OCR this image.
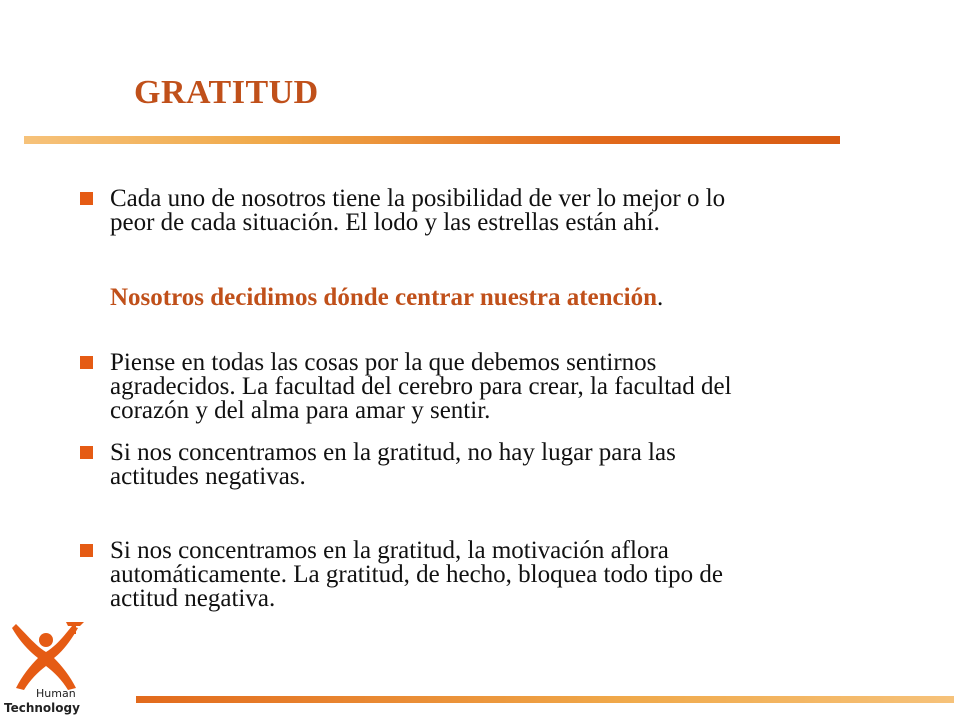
GRATITUD
Cada uno de nosotros tiene la posibilidad de ver lo mejor o lo
peor de cada situación. El lodo y las estrellas están ahí.
Nosotros decidimos dónde centrar nuestra atención.
Piense en todas las cosas por la que debemos sentirnos
agradecidos. La facultad del cerebro para crear, la facultad del
corazón y del alma para amar y sentir.
Si nos concentramos en la gratitud, no hay lugar para las
actitudes negativas.
Si nos concentramos en la gratitud, la motivación aflora
automáticamente. La gratitud, de hecho, bloquea todo tipo de
actitud negativa.
Human
Technology
